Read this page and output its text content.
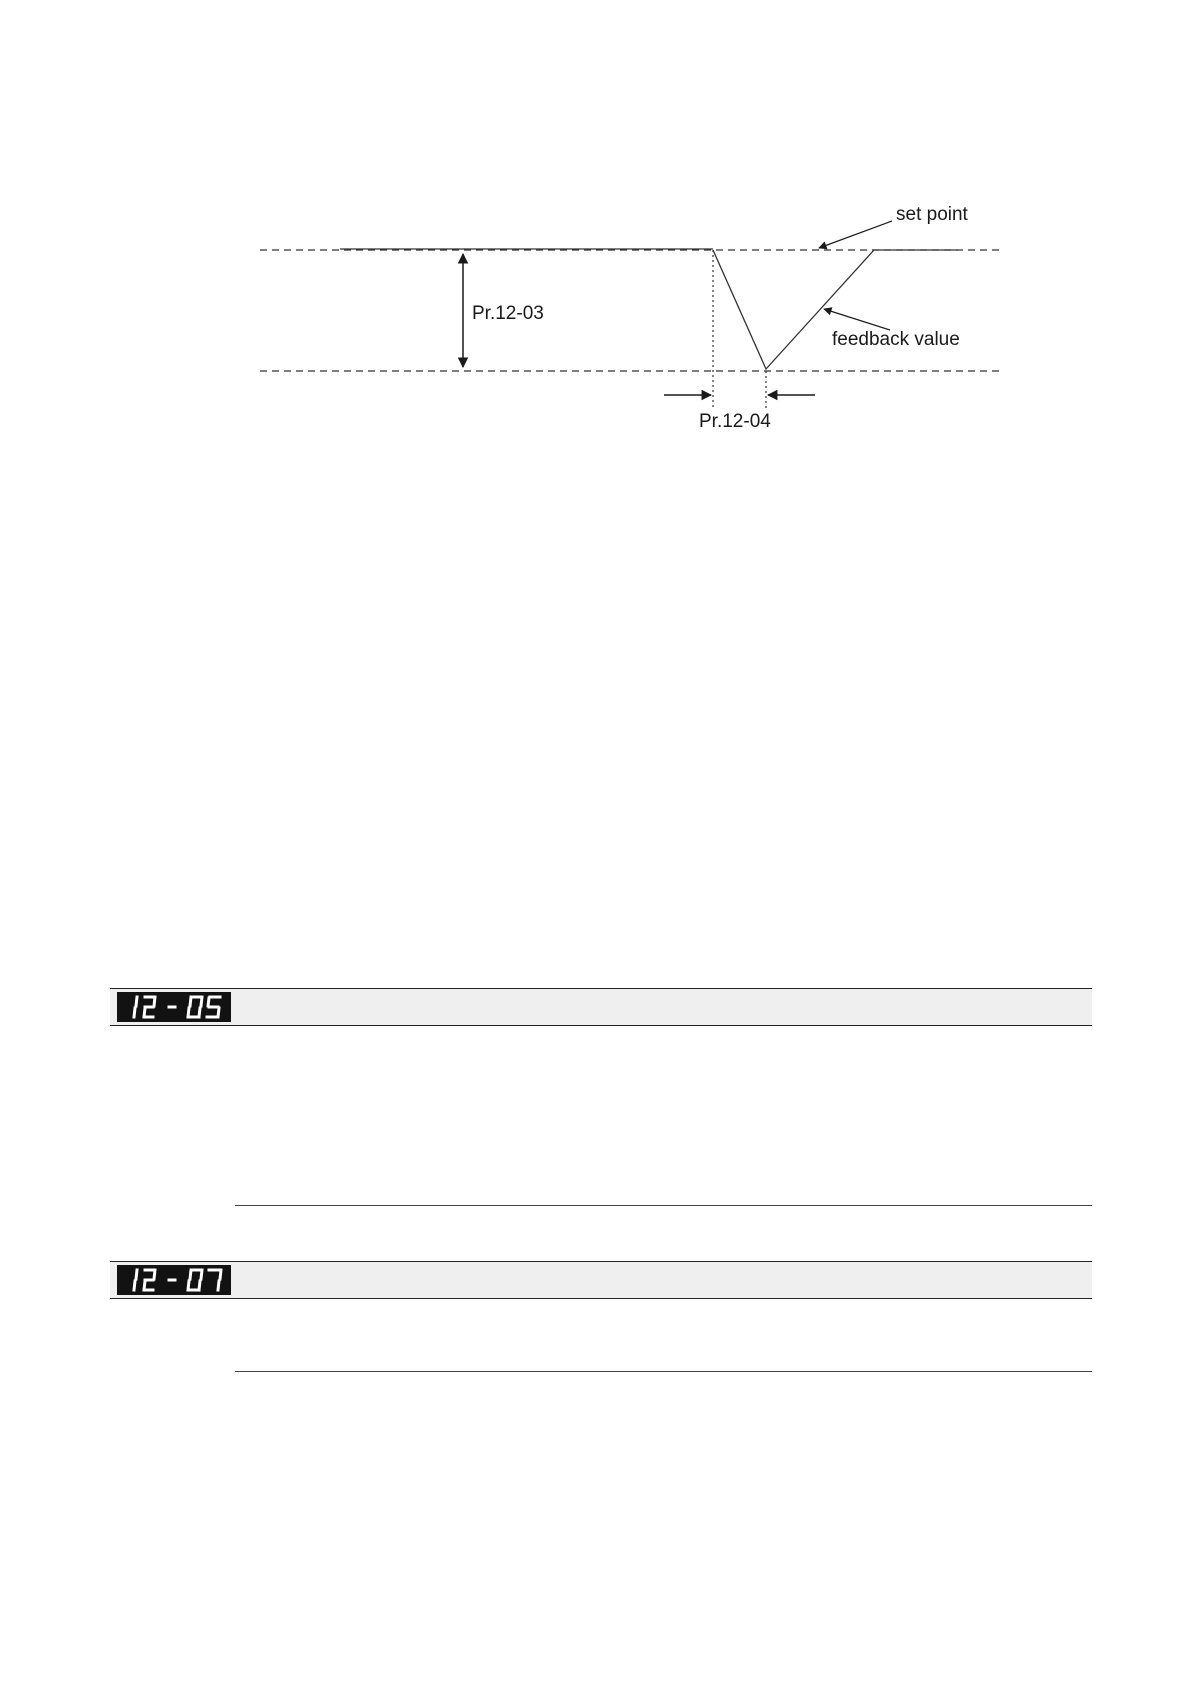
set point
feedback value
Pr.12-03
Pr.12-04
